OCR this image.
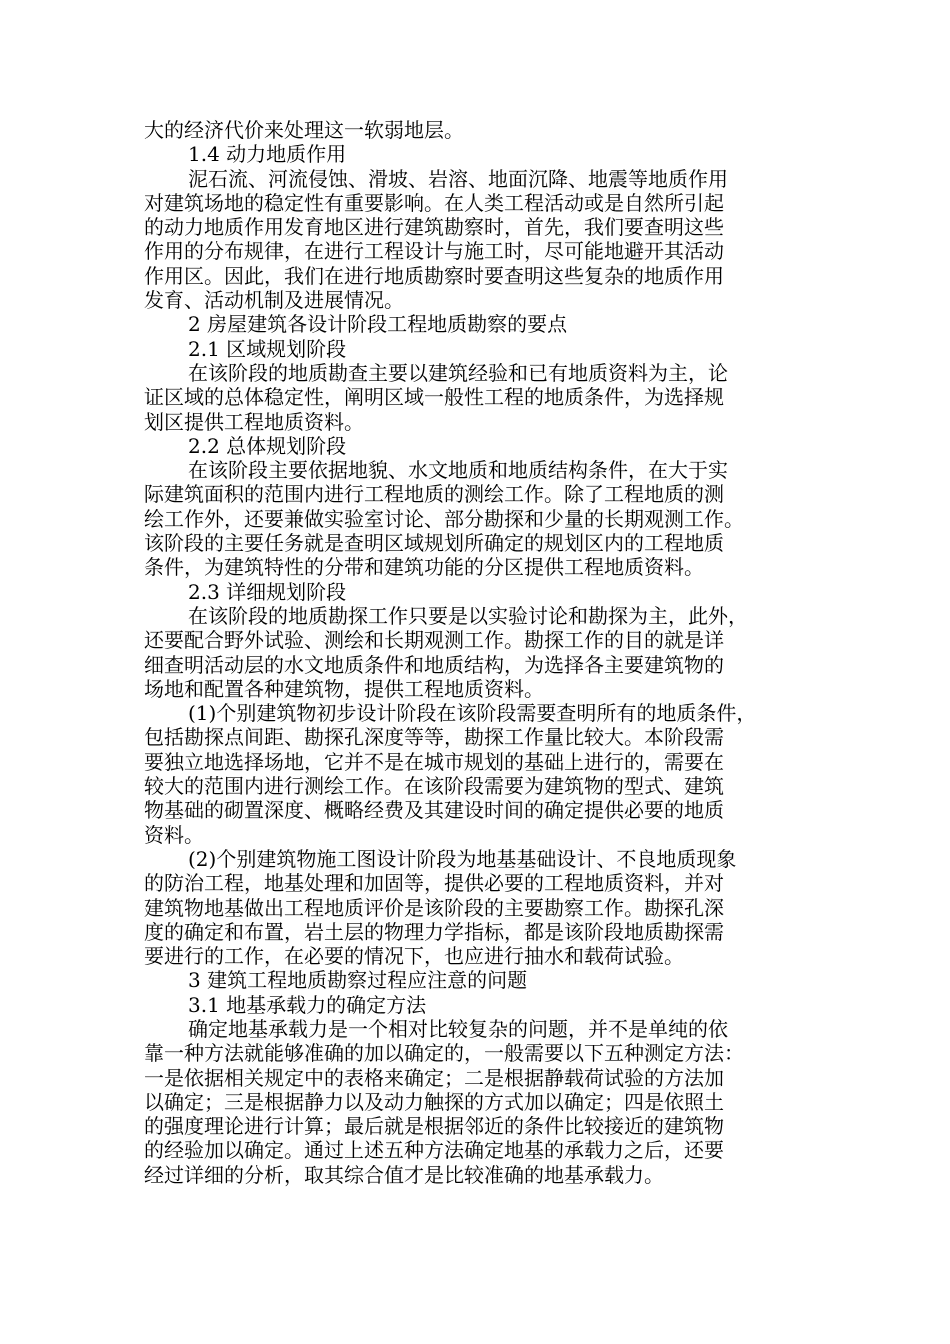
大的经济代价来处理这一软弱地层。
1.4 动力地质作用
泥石流、河流侵蚀、滑坡、岩溶、地面沉降、地震等地质作用
对建筑场地的稳定性有重要影响。在人类工程活动或是自然所引起
的动力地质作用发育地区进行建筑勘察时，首先，我们要查明这些
作用的分布规律，在进行工程设计与施工时，尽可能地避开其活动
作用区。因此，我们在进行地质勘察时要查明这些复杂的地质作用
发育、活动机制及进展情况。
2 房屋建筑各设计阶段工程地质勘察的要点
2.1 区域规划阶段
在该阶段的地质勘查主要以建筑经验和已有地质资料为主，论
证区域的总体稳定性，阐明区域一般性工程的地质条件，为选择规
划区提供工程地质资料。
2.2 总体规划阶段
在该阶段主要依据地貌、水文地质和地质结构条件，在大于实
际建筑面积的范围内进行工程地质的测绘工作。除了工程地质的测
绘工作外，还要兼做实验室讨论、部分勘探和少量的长期观测工作。
该阶段的主要任务就是查明区域规划所确定的规划区内的工程地质
条件，为建筑特性的分带和建筑功能的分区提供工程地质资料。
2.3 详细规划阶段
在该阶段的地质勘探工作只要是以实验讨论和勘探为主，此外，
还要配合野外试验、测绘和长期观测工作。勘探工作的目的就是详
细查明活动层的水文地质条件和地质结构，为选择各主要建筑物的
场地和配置各种建筑物，提供工程地质资料。
(1)个别建筑物初步设计阶段在该阶段需要查明所有的地质条件，
包括勘探点间距、勘探孔深度等等，勘探工作量比较大。本阶段需
要独立地选择场地，它并不是在城市规划的基础上进行的，需要在
较大的范围内进行测绘工作。在该阶段需要为建筑物的型式、建筑
物基础的砌置深度、概略经费及其建设时间的确定提供必要的地质
资料。
(2)个别建筑物施工图设计阶段为地基基础设计、不良地质现象
的防治工程，地基处理和加固等，提供必要的工程地质资料，并对
建筑物地基做出工程地质评价是该阶段的主要勘察工作。勘探孔深
度的确定和布置，岩土层的物理力学指标，都是该阶段地质勘探需
要进行的工作，在必要的情况下，也应进行抽水和载荷试验。
3 建筑工程地质勘察过程应注意的问题
3.1 地基承载力的确定方法
确定地基承载力是一个相对比较复杂的问题，并不是单纯的依
靠一种方法就能够准确的加以确定的，一般需要以下五种测定方法：
一是依据相关规定中的表格来确定；二是根据静载荷试验的方法加
以确定；三是根据静力以及动力触探的方式加以确定；四是依照土
的强度理论进行计算；最后就是根据邻近的条件比较接近的建筑物
的经验加以确定。通过上述五种方法确定地基的承载力之后，还要
经过详细的分析，取其综合值才是比较准确的地基承载力。
